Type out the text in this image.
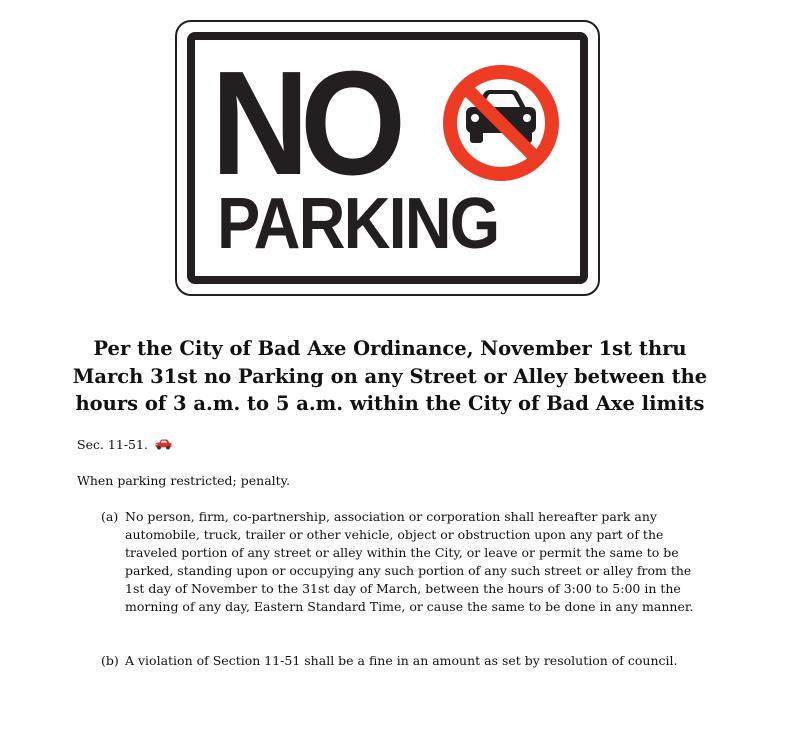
NO
PARKING
Per the City of Bad Axe Ordinance, November 1st thru
March 31st no Parking on any Street or Alley between the
hours of 3 a.m. to 5 a.m. within the City of Bad Axe limits
Sec. 11-51.
When parking restricted; penalty.
(a) No person, firm, co-partnership, association or corporation shall hereafter park any automobile, truck, trailer or other vehicle, object or obstruction upon any part of the traveled portion of any street or alley within the City, or leave or permit the same to be parked, standing upon or occupying any such portion of any such street or alley from the 1st day of November to the 31st day of March, between the hours of 3:00 to 5:00 in the morning of any day, Eastern Standard Time, or cause the same to be done in any manner.
(b) A violation of Section 11-51 shall be a fine in an amount as set by resolution of council.
